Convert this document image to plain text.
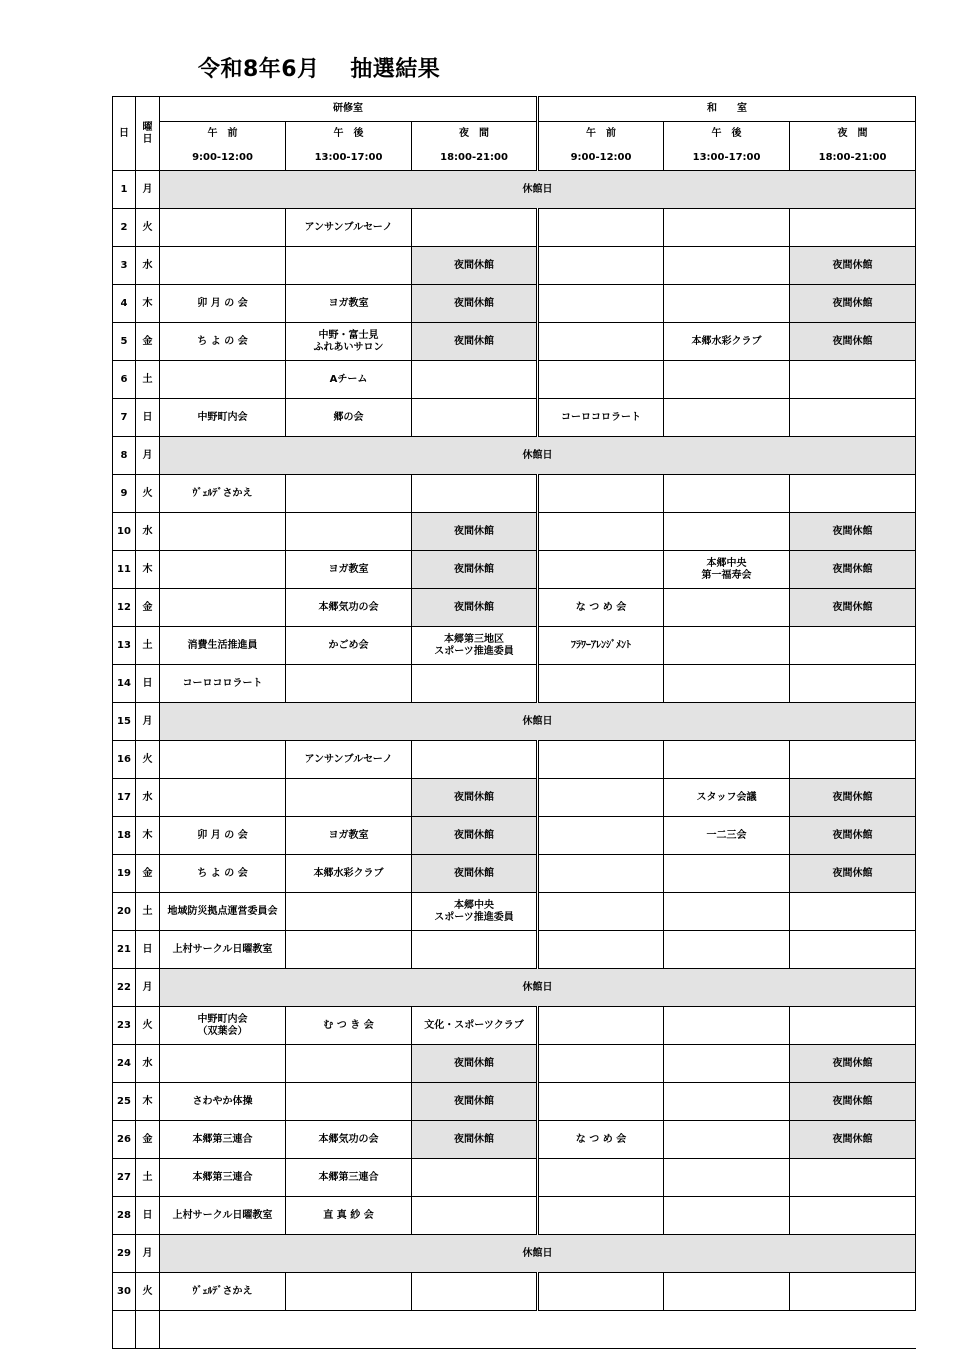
令和8年6月　 抽選結果
日	曜
日	研修室			和　　室		
		午　前	午　後	夜　間	午　前	午　後	夜　間
		9:00-12:00	13:00-17:00	18:00-21:00	9:00-12:00	13:00-17:00	18:00-21:00
1	月	休館日					
2	火		アンサンブルセーノ				
3	水			夜間休館			夜間休館
4	木	卯 月 の 会	ヨガ教室	夜間休館			夜間休館
5	金	ち よ の 会	中野・富士見
ふれあいサロン	夜間休館		本郷水彩クラブ	夜間休館
6	土		Aチーム				
7	日	中野町内会	郷の会		コーロコロラート		
8	月	休館日					
9	火	ｳﾞｪﾙﾃﾞさかえ					
10	水			夜間休館			夜間休館
11	木		ヨガ教室	夜間休館		本郷中央
第一福寿会	夜間休館
12	金		本郷気功の会	夜間休館	な つ め 会		夜間休館
13	土	消費生活推進員	かごめ会	本郷第三地区
スポーツ推進委員	ﾌﾗﾜｰｱﾚﾝｼﾞﾒﾝﾄ		
14	日	コーロコロラート					
15	月	休館日					
16	火		アンサンブルセーノ				
17	水			夜間休館		スタッフ会議	夜間休館
18	木	卯 月 の 会	ヨガ教室	夜間休館		一二三会	夜間休館
19	金	ち よ の 会	本郷水彩クラブ	夜間休館			夜間休館
20	土	地域防災拠点運営委員会		本郷中央
スポーツ推進委員			
21	日	上村サークル日曜教室					
22	月	休館日					
23	火	中野町内会
（双葉会）	む つ き 会	文化・スポーツクラブ			
24	水			夜間休館			夜間休館
25	木	さわやか体操		夜間休館			夜間休館
26	金	本郷第三連合	本郷気功の会	夜間休館	な つ め 会		夜間休館
27	土	本郷第三連合	本郷第三連合				
28	日	上村サークル日曜教室	直 真 紗 会				
29	月	休館日					
30	火	ｳﾞｪﾙﾃﾞさかえ					
